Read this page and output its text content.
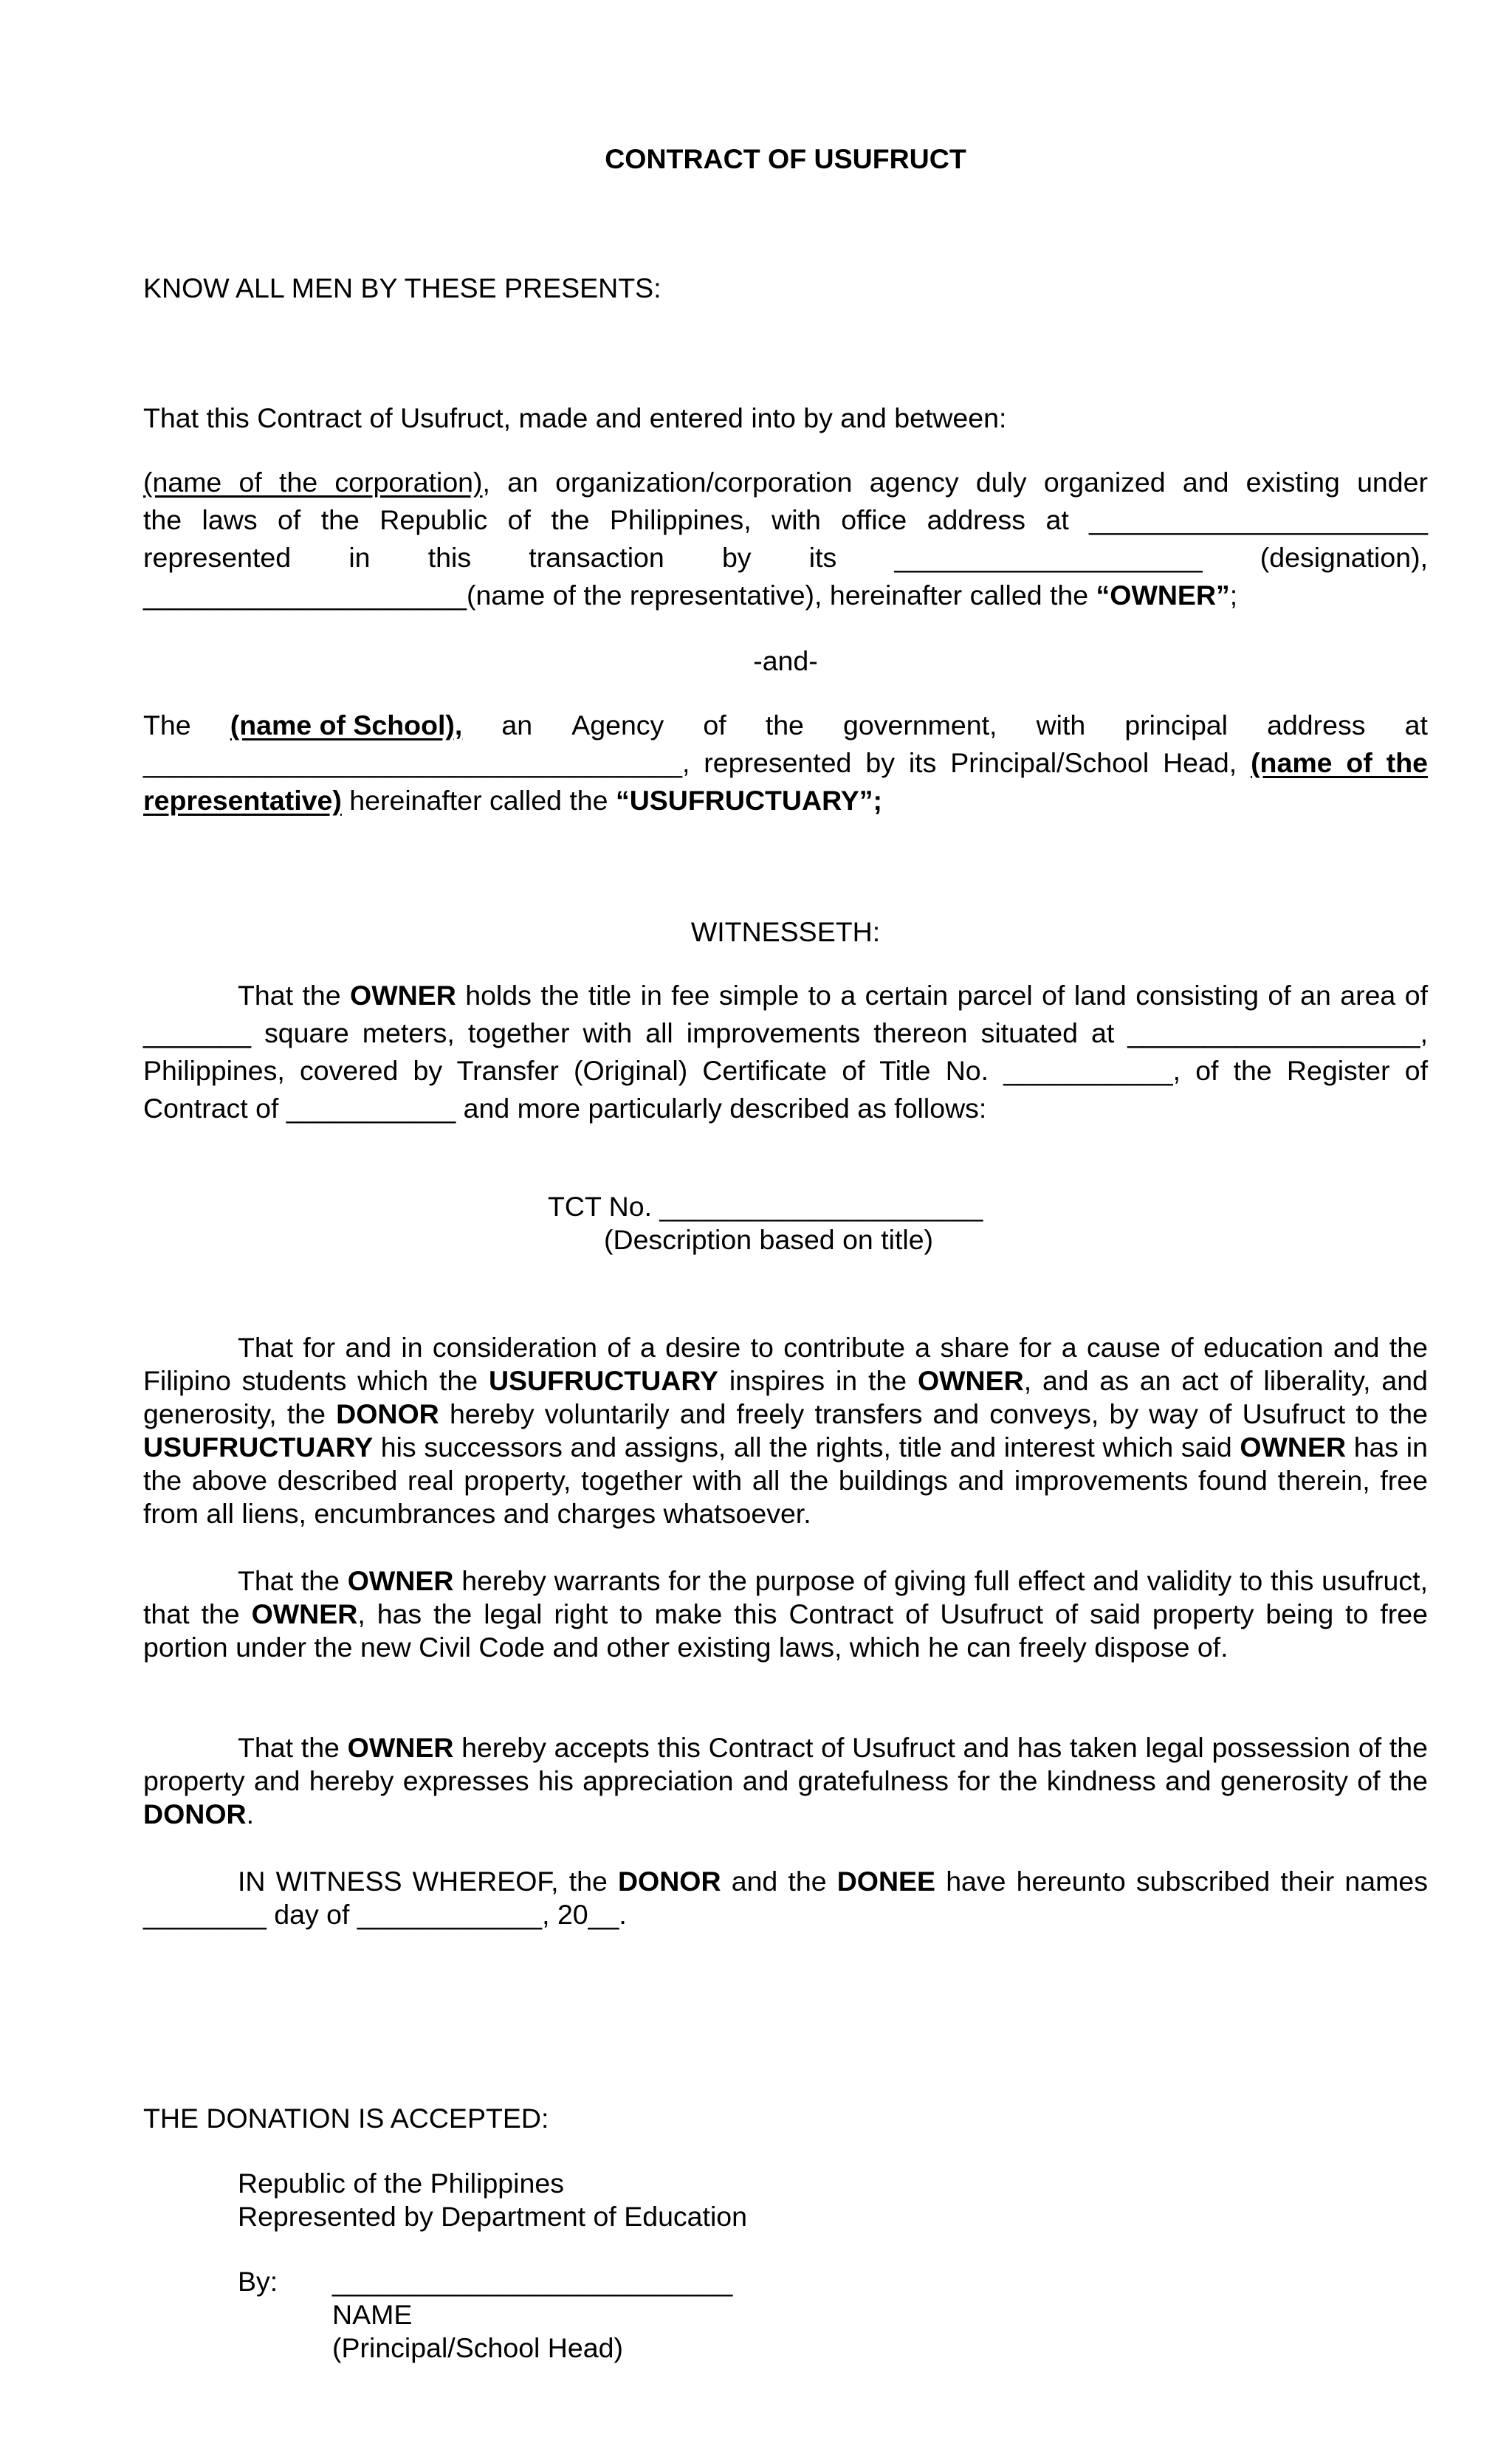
CONTRACT OF USUFRUCT
KNOW ALL MEN BY THESE PRESENTS:
That this Contract of Usufruct, made and entered into by and between:
(name of the corporation), an organization/corporation agency duly organized and existing under
the laws of the Republic of the Philippines, with office address at ______________________
represented in this transaction by its ____________________ (designation),
_____________________(name of the representative), hereinafter called the “OWNER”;
-and-
The (name of School), an Agency of the government, with principal address at
___________________________________, represented by its Principal/School Head, (name of the
representative) hereinafter called the “USUFRUCTUARY”;
WITNESSETH:
That the OWNER holds the title in fee simple to a certain parcel of land consisting of an area of _______ square meters, together with all improvements thereon situated at ___________________, Philippines, covered by Transfer (Original) Certificate of Title No. ___________, of the Register of Contract of ___________ and more particularly described as follows:
TCT No. _____________________
(Description based on title)
That for and in consideration of a desire to contribute a share for a cause of education and the Filipino students which the USUFRUCTUARY inspires in the OWNER, and as an act of liberality, and generosity, the DONOR hereby voluntarily and freely transfers and conveys, by way of Usufruct to the USUFRUCTUARY his successors and assigns, all the rights, title and interest which said OWNER has in the above described real property, together with all the buildings and improvements found therein, free from all liens, encumbrances and charges whatsoever.
That the OWNER hereby warrants for the purpose of giving full effect and validity to this usufruct, that the OWNER, has the legal right to make this Contract of Usufruct of said property being to free portion under the new Civil Code and other existing laws, which he can freely dispose of.
That the OWNER hereby accepts this Contract of Usufruct and has taken legal possession of the property and hereby expresses his appreciation and gratefulness for the kindness and generosity of the DONOR.
IN WITNESS WHEREOF, the DONOR and the DONEE have hereunto subscribed their names ________ day of ____________, 20__.
THE DONATION IS ACCEPTED:
Republic of the Philippines
Represented by Department of Education
By:	__________________________
NAME
(Principal/School Head)
